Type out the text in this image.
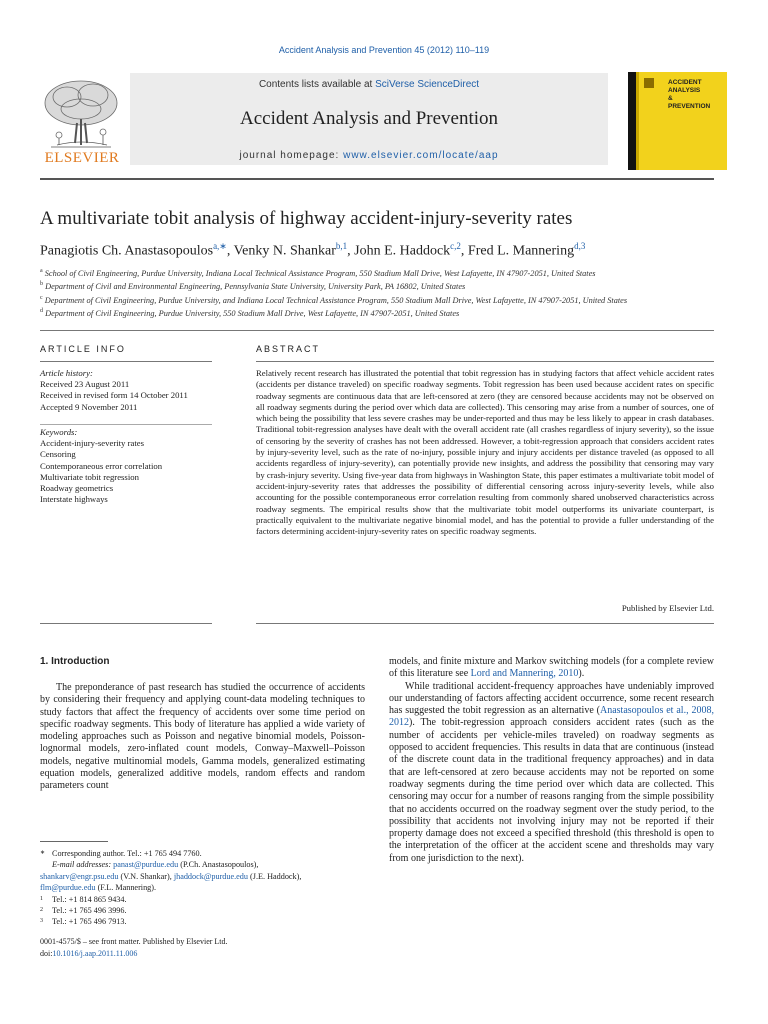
Accident Analysis and Prevention 45 (2012) 110–119
Contents lists available at SciVerse ScienceDirect
Accident Analysis and Prevention
journal homepage: www.elsevier.com/locate/aap
ELSEVIER
ACCIDENT
ANALYSIS
&
PREVENTION
A multivariate tobit analysis of highway accident-injury-severity rates
Panagiotis Ch. Anastasopoulos$^{a,∗}$, Venky N. Shankar$^{b,1}$, John E. Haddock$^{c,2}$, Fred L. Mannering$^{d,3}$
$^a$ School of Civil Engineering, Purdue University, Indiana Local Technical Assistance Program, 550 Stadium Mall Drive, West Lafayette, IN 47907-2051, United States
$^b$ Department of Civil and Environmental Engineering, Pennsylvania State University, University Park, PA 16802, United States
$^c$ Department of Civil Engineering, Purdue University, and Indiana Local Technical Assistance Program, 550 Stadium Mall Drive, West Lafayette, IN 47907-2051, United States
$^d$ Department of Civil Engineering, Purdue University, 550 Stadium Mall Drive, West Lafayette, IN 47907-2051, United States
ARTICLE INFO
Article history:
Received 23 August 2011
Received in revised form 14 October 2011
Accepted 9 November 2011
Keywords:
Accident-injury-severity rates
Censoring
Contemporaneous error correlation
Multivariate tobit regression
Roadway geometrics
Interstate highways
ABSTRACT
Relatively recent research has illustrated the potential that tobit regression has in studying factors that affect vehicle accident rates (accidents per distance traveled) on specific roadway segments. Tobit regression has been used because accident rates on specific roadway segments are continuous data that are left-censored at zero (they are censored because accidents may not be observed on all roadway segments during the period over which data are collected). This censoring may arise from a number of sources, one of which being the possibility that less severe crashes may be under-reported and thus may be less likely to appear in crash databases. Traditional tobit-regression analyses have dealt with the overall accident rate (all crashes regardless of injury severity), so the issue of censoring by the severity of crashes has not been addressed. However, a tobit-regression approach that considers accident rates by injury-severity level, such as the rate of no-injury, possible injury and injury accidents per distance traveled (as opposed to all accidents regardless of injury-severity), can potentially provide new insights, and address the possibility that censoring may vary by crash-injury severity. Using five-year data from highways in Washington State, this paper estimates a multivariate tobit model of accident-injury-severity rates that addresses the possibility of differential censoring across injury-severity levels, while also accounting for the possible contemporaneous error correlation resulting from commonly shared unobserved characteristics across roadway segments. The empirical results show that the multivariate tobit model outperforms its univariate counterpart, is practically equivalent to the multivariate negative binomial model, and has the potential to provide a fuller understanding of the factors determining accident-injury-severity rates on specific roadway segments.
Published by Elsevier Ltd.
1. Introduction
The preponderance of past research has studied the occurrence of accidents by considering their frequency and applying count-data modeling techniques to study factors that affect the frequency of accidents over some time period on specific roadway segments. This body of literature has applied a wide variety of modeling approaches such as Poisson and negative binomial models, Poisson-lognormal models, zero-inflated count models, Conway–Maxwell–Poisson models, negative multinomial models, Gamma models, generalized estimating equation models, generalized additive models, random effects and random parameters count

models, and finite mixture and Markov switching models (for a complete review of this literature see Lord and Mannering, 2010).

While traditional accident-frequency approaches have undeniably improved our understanding of factors affecting accident occurrence, some recent research has suggested the tobit regression as an alternative (Anastasopoulos et al., 2008, 2012). The tobit-regression approach considers accident rates (such as the number of accidents per vehicle-miles traveled) on roadway segments as opposed to accident frequencies. This results in data that are continuous (instead of the discrete count data in the traditional frequency approaches) and in data that are left-censored at zero because accidents may not be reported on some roadway segments during the time period over which data are collected. This censoring may occur for a number of reasons ranging from the simple possibility that no accidents occurred on the roadway segment over the study period, to the possibility that accidents not involving injury may not be reported if their property damage does not exceed a specified threshold (this threshold is open to the interpretation of the officer at the accident scene and thresholds may vary from one jurisdiction to the next).

∗ Corresponding author. Tel.: +1 765 494 7760.
E-mail addresses: panast@purdue.edu (P.Ch. Anastasopoulos),
shankarv@engr.psu.edu (V.N. Shankar), jhaddock@purdue.edu (J.E. Haddock),
flm@purdue.edu (F.L. Mannering).
1 Tel.: +1 814 865 9434.
2 Tel.: +1 765 496 3996.
3 Tel.: +1 765 496 7913.
0001-4575/$ – see front matter. Published by Elsevier Ltd.
doi:10.1016/j.aap.2011.11.006
